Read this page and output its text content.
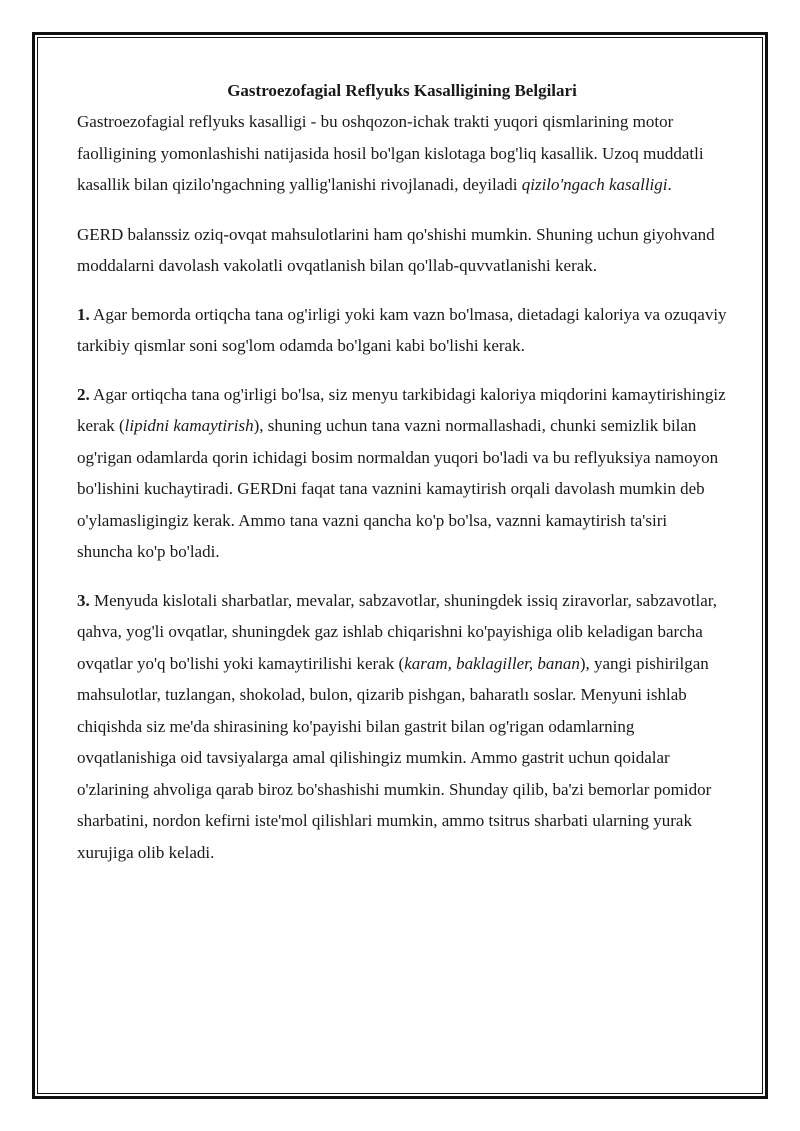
Gastroezofagial Reflyuks Kasalligining Belgilari

Gastroezofagial reflyuks kasalligi - bu oshqozon-ichak trakti yuqori qismlarining motor faolligining yomonlashishi natijasida hosil bo'lgan kislotaga bog'liq kasallik. Uzoq muddatli kasallik bilan qizilo'ngachning yallig'lanishi rivojlanadi, deyiladi qizilo'ngach kasalligi.

GERD balanssiz oziq-ovqat mahsulotlarini ham qo'shishi mumkin. Shuning uchun giyohvand moddalarni davolash vakolatli ovqatlanish bilan qo'llab-quvvatlanishi kerak.

1. Agar bemorda ortiqcha tana og'irligi yoki kam vazn bo'lmasa, dietadagi kaloriya va ozuqaviy tarkibiy qismlar soni sog'lom odamda bo'lgani kabi bo'lishi kerak.

2. Agar ortiqcha tana og'irligi bo'lsa, siz menyu tarkibidagi kaloriya miqdorini kamaytirishingiz kerak (lipidni kamaytirish), shuning uchun tana vazni normallashadi, chunki semizlik bilan og'rigan odamlarda qorin ichidagi bosim normaldan yuqori bo'ladi va bu reflyuksiya namoyon bo'lishini kuchaytiradi. GERDni faqat tana vaznini kamaytirish orqali davolash mumkin deb o'ylamasligingiz kerak. Ammo tana vazni qancha ko'p bo'lsa, vaznni kamaytirish ta'siri shuncha ko'p bo'ladi.

3. Menyuda kislotali sharbatlar, mevalar, sabzavotlar, shuningdek issiq ziravorlar, sabzavotlar, qahva, yog'li ovqatlar, shuningdek gaz ishlab chiqarishni ko'payishiga olib keladigan barcha ovqatlar yo'q bo'lishi yoki kamaytirilishi kerak (karam, baklagiller, banan), yangi pishirilgan mahsulotlar, tuzlangan, shokolad, bulon, qizarib pishgan, baharatlı soslar. Menyuni ishlab chiqishda siz me'da shirasining ko'payishi bilan gastrit bilan og'rigan odamlarning ovqatlanishiga oid tavsiyalarga amal qilishingiz mumkin. Ammo gastrit uchun qoidalar o'zlarining ahvoliga qarab biroz bo'shashishi mumkin. Shunday qilib, ba'zi bemorlar pomidor sharbatini, nordon kefirni iste'mol qilishlari mumkin, ammo tsitrus sharbati ularning yurak xurujiga olib keladi.
